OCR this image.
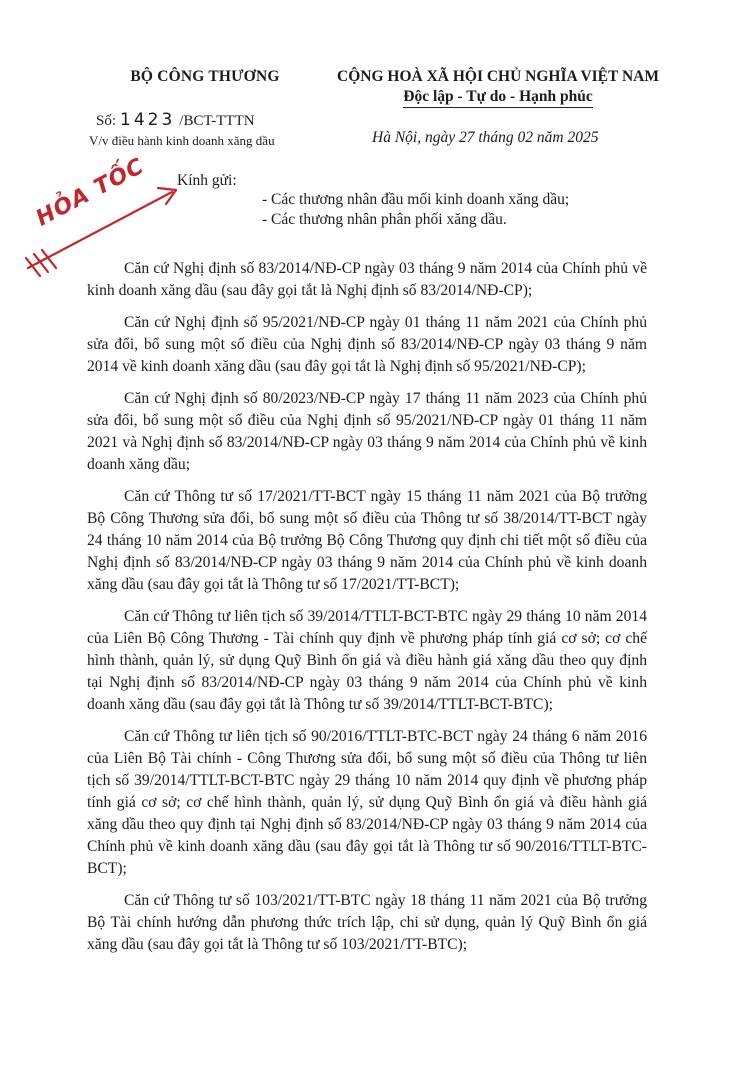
BỘ CÔNG THƯƠNG	CỘNG HOÀ XÃ HỘI CHỦ NGHĨA VIỆT NAM
Độc lập - Tự do - Hạnh phúc
Số: 1423 /BCT-TTTN
V/v điều hành kinh doanh xăng dầu	Hà Nội, ngày 27 tháng 02 năm 2025
HỎA TỐC Kính gửi:
- Các thương nhân đầu mối kinh doanh xăng dầu;
- Các thương nhân phân phối xăng dầu.

Căn cứ Nghị định số 83/2014/NĐ-CP ngày 03 tháng 9 năm 2014 của Chính phủ về kinh doanh xăng dầu (sau đây gọi tắt là Nghị định số 83/2014/NĐ-CP);

Căn cứ Nghị định số 95/2021/NĐ-CP ngày 01 tháng 11 năm 2021 của Chính phủ sửa đổi, bổ sung một số điều của Nghị định số 83/2014/NĐ-CP ngày 03 tháng 9 năm 2014 về kinh doanh xăng dầu (sau đây gọi tắt là Nghị định số 95/2021/NĐ-CP);

Căn cứ Nghị định số 80/2023/NĐ-CP ngày 17 tháng 11 năm 2023 của Chính phủ sửa đổi, bổ sung một số điều của Nghị định số 95/2021/NĐ-CP ngày 01 tháng 11 năm 2021 và Nghị định số 83/2014/NĐ-CP ngày 03 tháng 9 năm 2014 của Chính phủ về kinh doanh xăng dầu;

Căn cứ Thông tư số 17/2021/TT-BCT ngày 15 tháng 11 năm 2021 của Bộ trưởng Bộ Công Thương sửa đổi, bổ sung một số điều của Thông tư số 38/2014/TT-BCT ngày 24 tháng 10 năm 2014 của Bộ trưởng Bộ Công Thương quy định chi tiết một số điều của Nghị định số 83/2014/NĐ-CP ngày 03 tháng 9 năm 2014 của Chính phủ về kinh doanh xăng dầu (sau đây gọi tắt là Thông tư số 17/2021/TT-BCT);

Căn cứ Thông tư liên tịch số 39/2014/TTLT-BCT-BTC ngày 29 tháng 10 năm 2014 của Liên Bộ Công Thương - Tài chính quy định về phương pháp tính giá cơ sở; cơ chế hình thành, quản lý, sử dụng Quỹ Bình ổn giá và điều hành giá xăng dầu theo quy định tại Nghị định số 83/2014/NĐ-CP ngày 03 tháng 9 năm 2014 của Chính phủ về kinh doanh xăng dầu (sau đây gọi tắt là Thông tư số 39/2014/TTLT-BCT-BTC);

Căn cứ Thông tư liên tịch số 90/2016/TTLT-BTC-BCT ngày 24 tháng 6 năm 2016 của Liên Bộ Tài chính - Công Thương sửa đổi, bổ sung một số điều của Thông tư liên tịch số 39/2014/TTLT-BCT-BTC ngày 29 tháng 10 năm 2014 quy định về phương pháp tính giá cơ sở; cơ chế hình thành, quản lý, sử dụng Quỹ Bình ổn giá và điều hành giá xăng dầu theo quy định tại Nghị định số 83/2014/NĐ-CP ngày 03 tháng 9 năm 2014 của Chính phủ về kinh doanh xăng dầu (sau đây gọi tắt là Thông tư số 90/2016/TTLT-BTC-BCT);

Căn cứ Thông tư số 103/2021/TT-BTC ngày 18 tháng 11 năm 2021 của Bộ trưởng Bộ Tài chính hướng dẫn phương thức trích lập, chi sử dụng, quản lý Quỹ Bình ổn giá xăng dầu (sau đây gọi tắt là Thông tư số 103/2021/TT-BTC);
